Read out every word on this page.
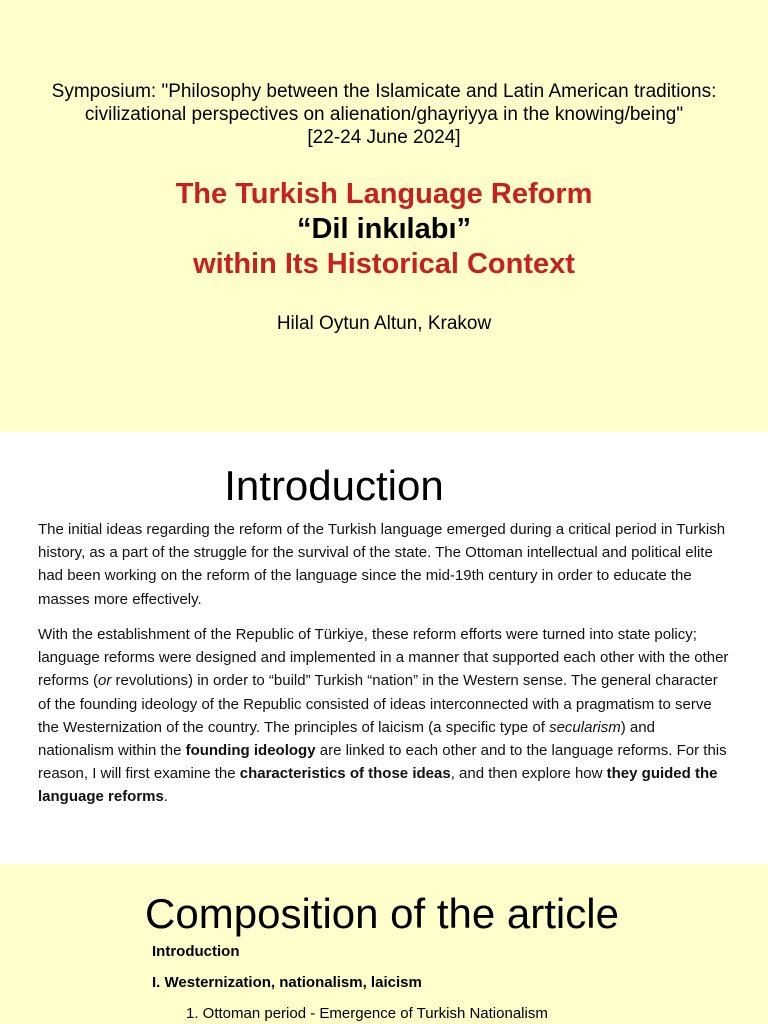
Symposium: "Philosophy between the Islamicate and Latin American traditions:
civilizational perspectives on alienation/ghayriyya in the knowing/being"
[22-24 June 2024]
The Turkish Language Reform
“Dil inkılabı”
within Its Historical Context
Hilal Oytun Altun, Krakow
Introduction

The initial ideas regarding the reform of the Turkish language emerged during a critical period in Turkish history, as a part of the struggle for the survival of the state. The Ottoman intellectual and political elite had been working on the reform of the language since the mid-19th century in order to educate the masses more effectively.

With the establishment of the Republic of Türkiye, these reform efforts were turned into state policy; language reforms were designed and implemented in a manner that supported each other with the other reforms (or revolutions) in order to “build” Turkish “nation” in the Western sense. The general character of the founding ideology of the Republic consisted of ideas interconnected with a pragmatism to serve the Westernization of the country. The principles of laicism (a specific type of secularism) and nationalism within the founding ideology are linked to each other and to the language reforms. For this reason, I will first examine the characteristics of those ideas, and then explore how they guided the language reforms.

Composition of the article
Introduction
I. Westernization, nationalism, laicism
1. Ottoman period - Emergence of Turkish Nationalism
